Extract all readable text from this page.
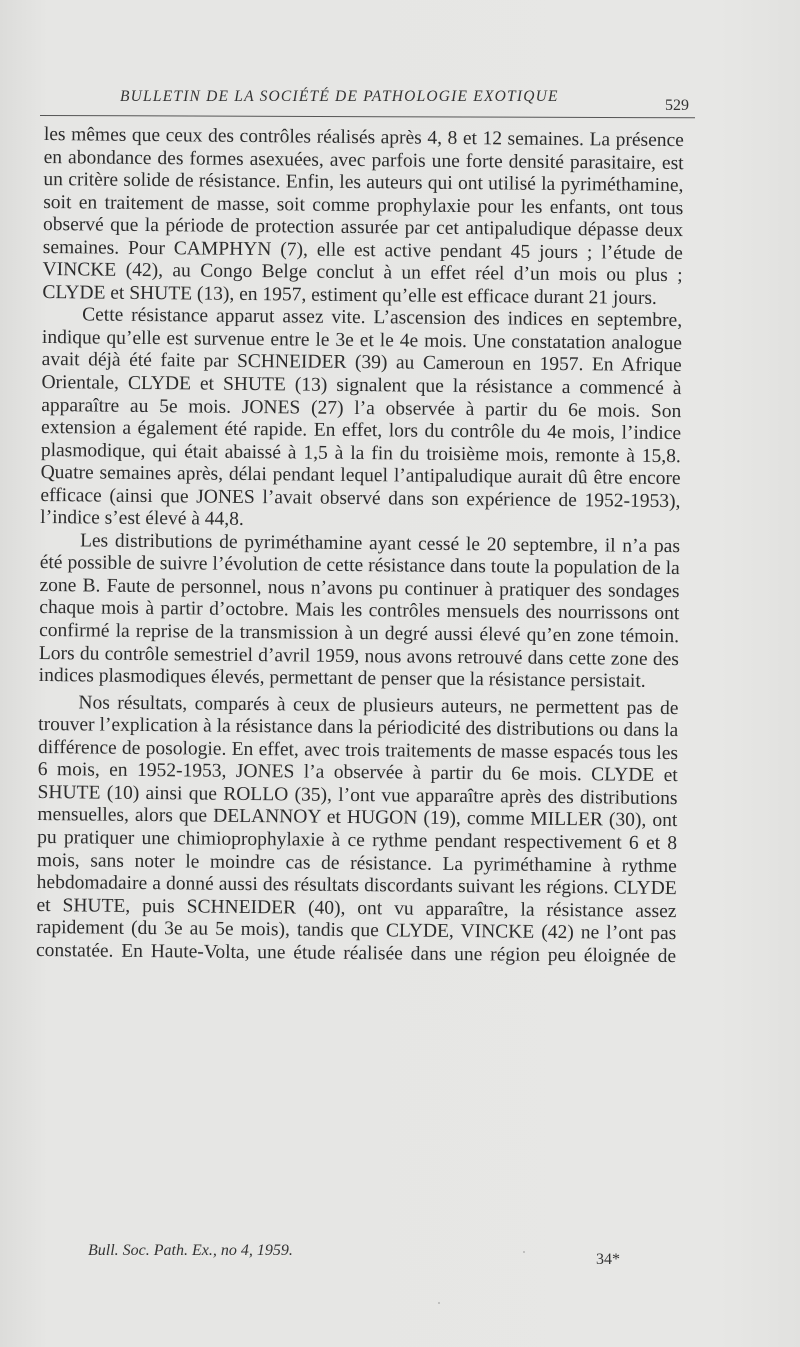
BULLETIN DE LA SOCIÉTÉ DE PATHOLOGIE EXOTIQUE
529

les mêmes que ceux des contrôles réalisés après 4, 8 et 12 semaines. La présence en abondance des formes asexuées, avec parfois une forte densité parasitaire, est un critère solide de résistance. Enfin, les auteurs qui ont utilisé la pyriméthamine, soit en traitement de masse, soit comme prophylaxie pour les enfants, ont tous observé que la période de protection assurée par cet antipaludique dépasse deux semaines. Pour CAMPHYN (7), elle est active pendant 45 jours ; l’étude de VINCKE (42), au Congo Belge conclut à un effet réel d’un mois ou plus ; CLYDE et SHUTE (13), en 1957, estiment qu’elle est efficace durant 21 jours.

Cette résistance apparut assez vite. L’ascension des indices en septembre, indique qu’elle est survenue entre le 3e et le 4e mois. Une constatation analogue avait déjà été faite par SCHNEIDER (39) au Cameroun en 1957. En Afrique Orientale, CLYDE et SHUTE (13) signalent que la résistance a commencé à apparaître au 5e mois. JONES (27) l’a observée à partir du 6e mois. Son extension a également été rapide. En effet, lors du contrôle du 4e mois, l’indice plasmodique, qui était abaissé à 1,5 à la fin du troisième mois, remonte à 15,8. Quatre semaines après, délai pendant lequel l’antipaludique aurait dû être encore efficace (ainsi que JONES l’avait observé dans son expérience de 1952-1953), l’indice s’est élevé à 44,8.

Les distributions de pyriméthamine ayant cessé le 20 septembre, il n’a pas été possible de suivre l’évolution de cette résistance dans toute la population de la zone B. Faute de personnel, nous n’avons pu continuer à pratiquer des sondages chaque mois à partir d’octobre. Mais les contrôles mensuels des nourrissons ont confirmé la reprise de la transmission à un degré aussi élevé qu’en zone témoin. Lors du contrôle semestriel d’avril 1959, nous avons retrouvé dans cette zone des indices plasmodiques élevés, permettant de penser que la résistance persistait.

Nos résultats, comparés à ceux de plusieurs auteurs, ne permettent pas de trouver l’explication à la résistance dans la périodicité des distributions ou dans la différence de posologie. En effet, avec trois traitements de masse espacés tous les 6 mois, en 1952-1953, JONES l’a observée à partir du 6e mois. CLYDE et SHUTE (10) ainsi que ROLLO (35), l’ont vue apparaître après des distributions mensuelles, alors que DELANNOY et HUGON (19), comme MILLER (30), ont pu pratiquer une chimioprophylaxie à ce rythme pendant respectivement 6 et 8 mois, sans noter le moindre cas de résistance. La pyriméthamine à rythme hebdomadaire a donné aussi des résultats discordants suivant les régions. CLYDE et SHUTE, puis SCHNEIDER (40), ont vu apparaître, la résistance assez rapidement (du 3e au 5e mois), tandis que CLYDE, VINCKE (42) ne l’ont pas constatée. En Haute-Volta, une étude réalisée dans une région peu éloignée de

Bull. Soc. Path. Ex., no 4, 1959.
34*
